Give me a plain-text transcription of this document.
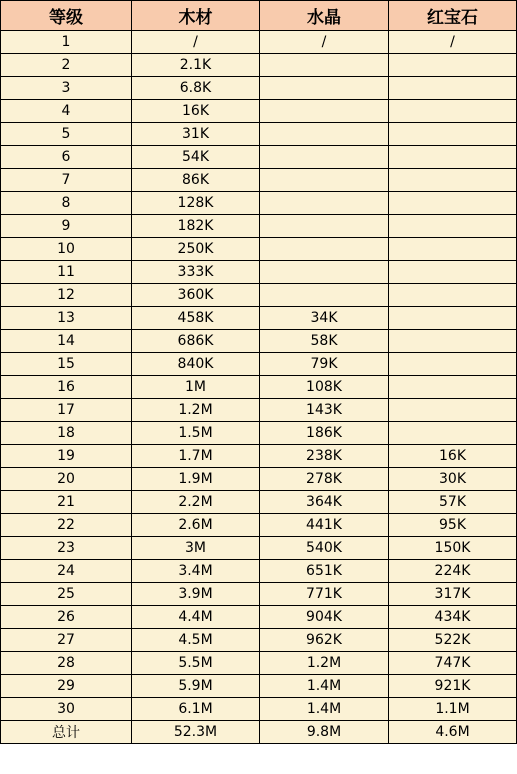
等级	木材	水晶	红宝石
1	/	/	/
2	2.1K		
3	6.8K		
4	16K		
5	31K		
6	54K		
7	86K		
8	128K		
9	182K		
10	250K		
11	333K		
12	360K		
13	458K	34K	
14	686K	58K	
15	840K	79K	
16	1M	108K	
17	1.2M	143K	
18	1.5M	186K	
19	1.7M	238K	16K
20	1.9M	278K	30K
21	2.2M	364K	57K
22	2.6M	441K	95K
23	3M	540K	150K
24	3.4M	651K	224K
25	3.9M	771K	317K
26	4.4M	904K	434K
27	4.5M	962K	522K
28	5.5M	1.2M	747K
29	5.9M	1.4M	921K
30	6.1M	1.4M	1.1M
总计	52.3M	9.8M	4.6M
